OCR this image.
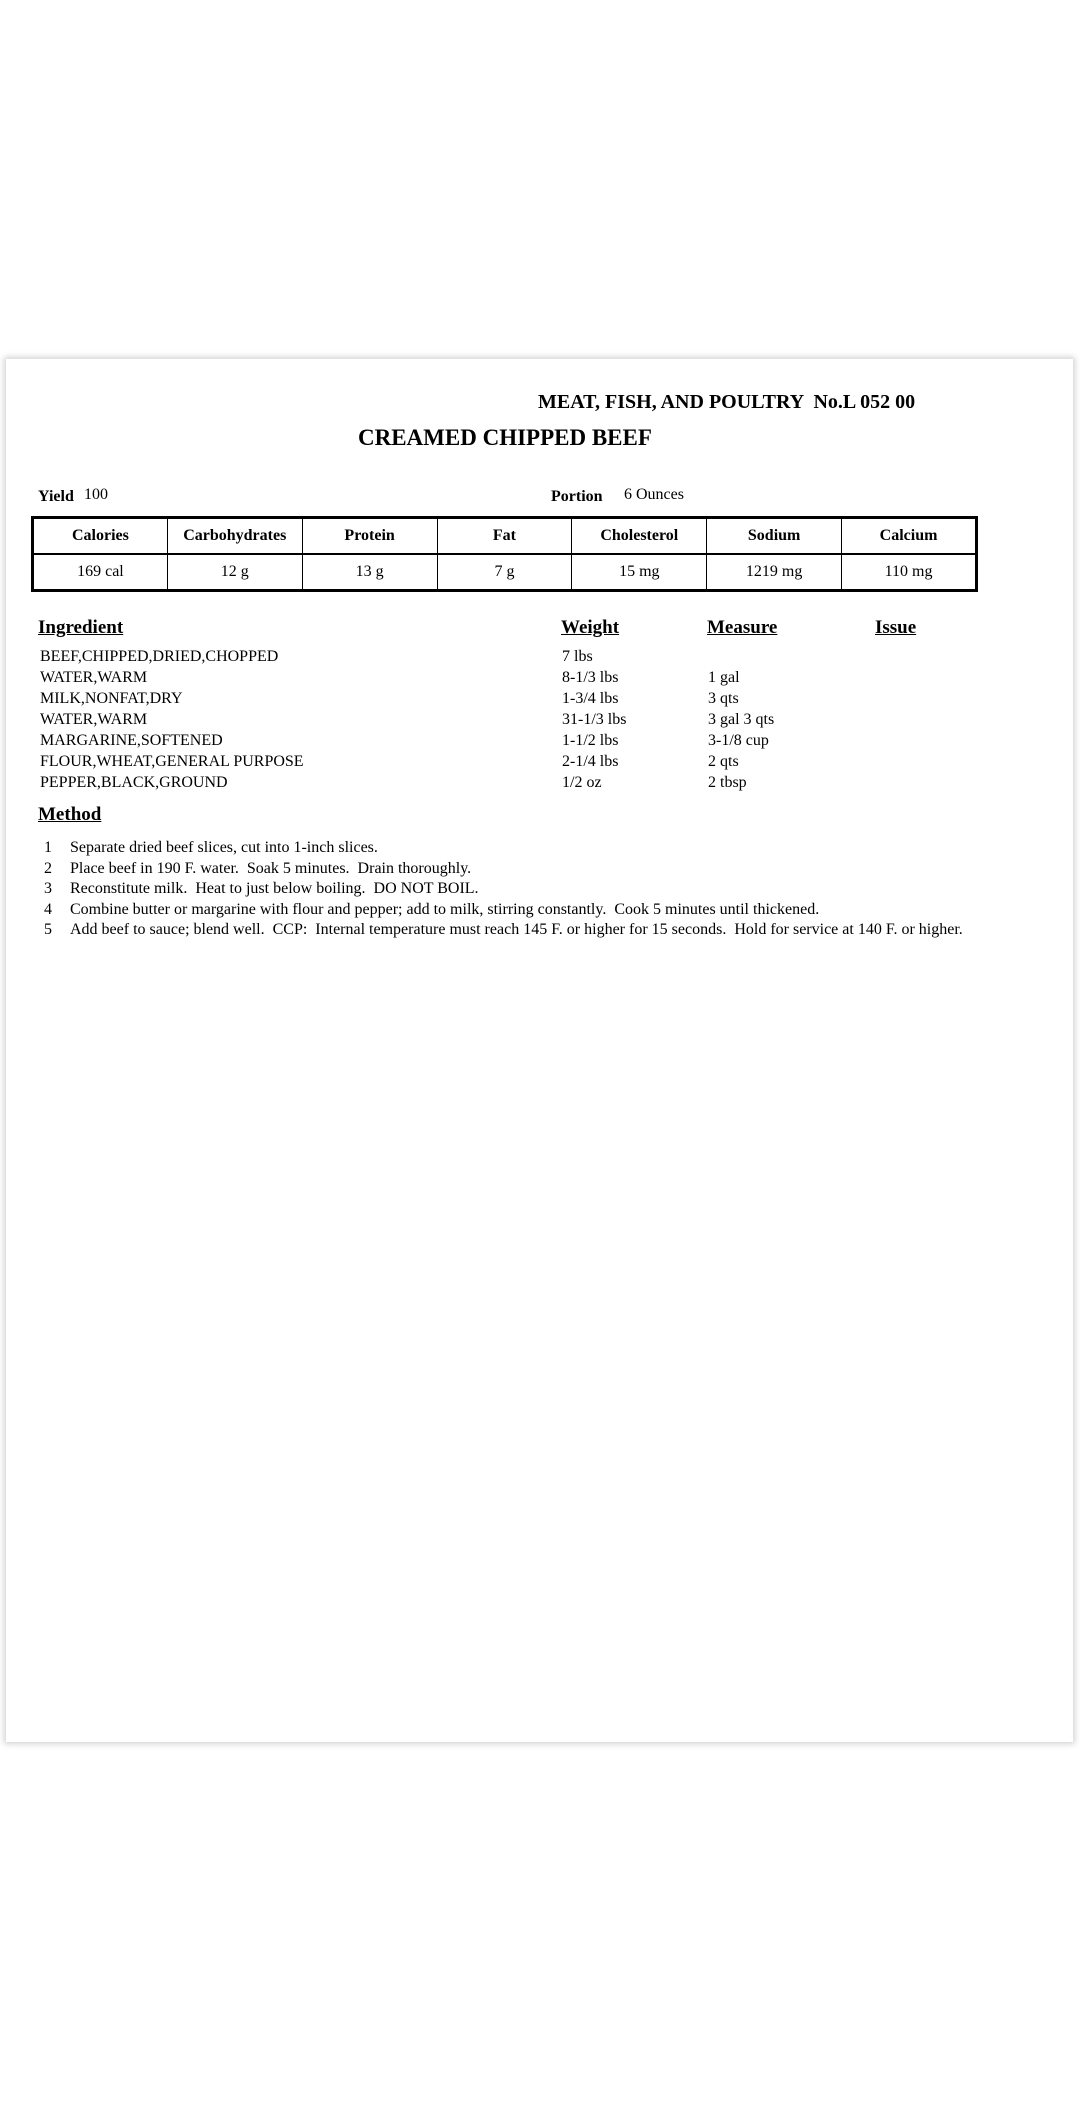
MEAT, FISH, AND POULTRY  No.L 052 00
CREAMED CHIPPED BEEF
Yield 100	Portion 6 Ounces
Calories	Carbohydrates	Protein	Fat	Cholesterol	Sodium	Calcium
169 cal	12 g	13 g	7 g	15 mg	1219 mg	110 mg
Ingredient	Weight	Measure	Issue
BEEF,CHIPPED,DRIED,CHOPPED	7 lbs
WATER,WARM	8-1/3 lbs	1 gal
MILK,NONFAT,DRY	1-3/4 lbs	3 qts
WATER,WARM	31-1/3 lbs	3 gal 3 qts
MARGARINE,SOFTENED	1-1/2 lbs	3-1/8 cup
FLOUR,WHEAT,GENERAL PURPOSE	2-1/4 lbs	2 qts
PEPPER,BLACK,GROUND	1/2 oz	2 tbsp
Method
1	Separate dried beef slices, cut into 1-inch slices.
2	Place beef in 190 F. water.  Soak 5 minutes.  Drain thoroughly.
3	Reconstitute milk.  Heat to just below boiling.  DO NOT BOIL.
4	Combine butter or margarine with flour and pepper; add to milk, stirring constantly.  Cook 5 minutes until thickened.
5	Add beef to sauce; blend well.  CCP:  Internal temperature must reach 145 F. or higher for 15 seconds.  Hold for service at 140 F. or higher.
